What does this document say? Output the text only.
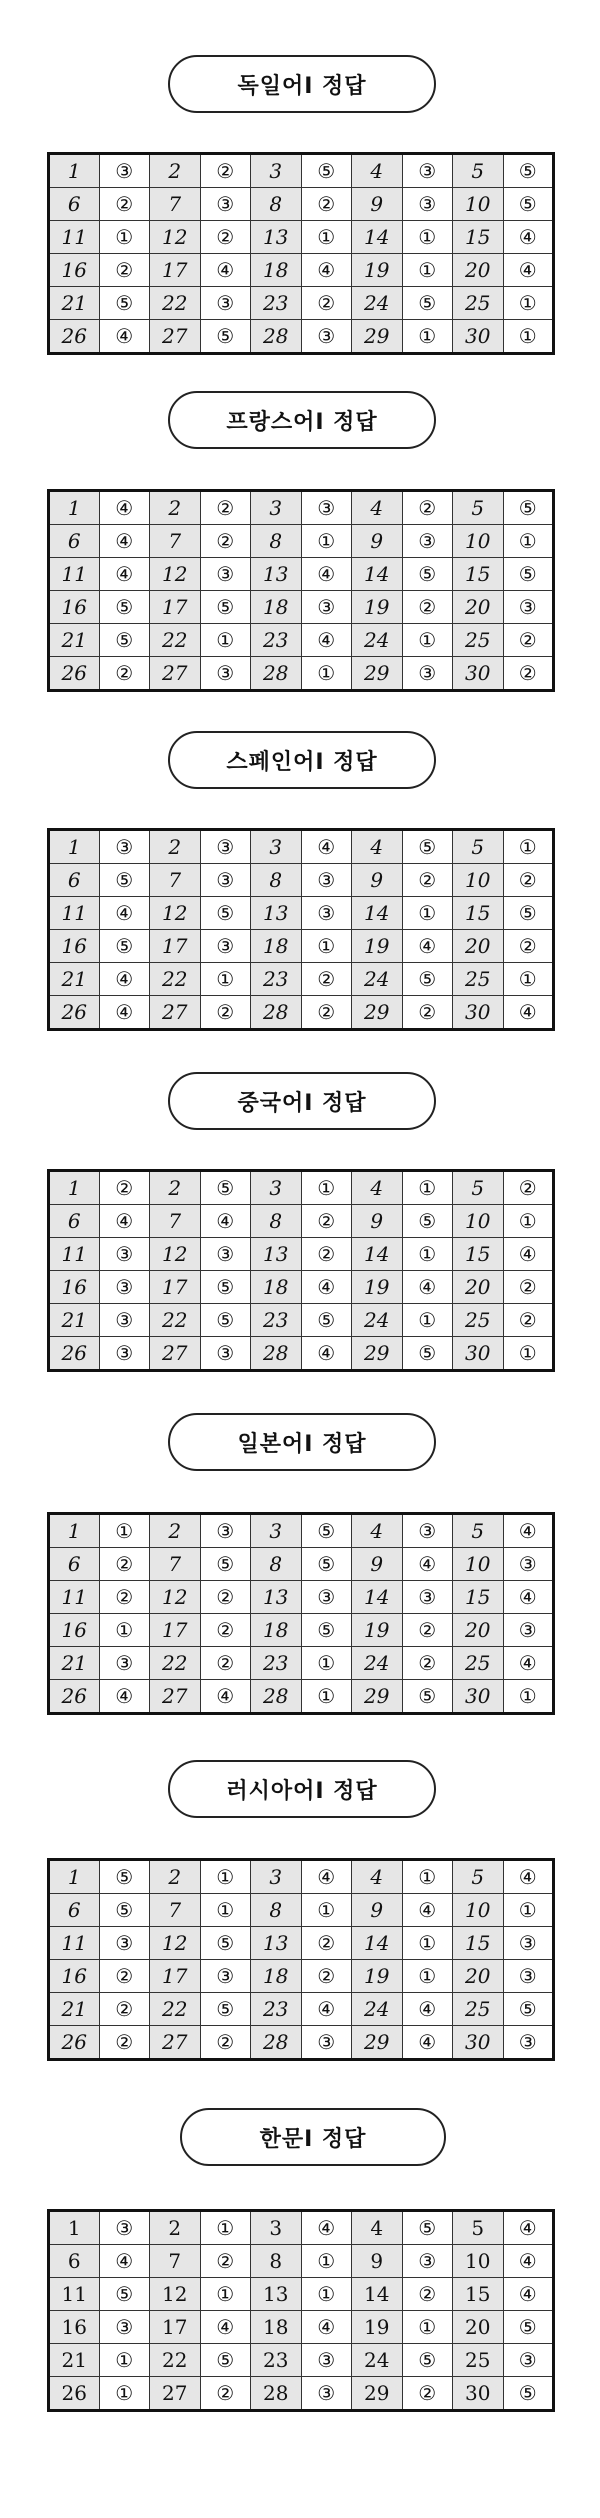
독일어Ⅰ 정답
1	③	2	②	3	⑤	4	③	5	⑤
6	②	7	③	8	②	9	③	10	⑤
11	①	12	②	13	①	14	①	15	④
16	②	17	④	18	④	19	①	20	④
21	⑤	22	③	23	②	24	⑤	25	①
26	④	27	⑤	28	③	29	①	30	①
프랑스어Ⅰ 정답
1	④	2	②	3	③	4	②	5	⑤
6	④	7	②	8	①	9	③	10	①
11	④	12	③	13	④	14	⑤	15	⑤
16	⑤	17	⑤	18	③	19	②	20	③
21	⑤	22	①	23	④	24	①	25	②
26	②	27	③	28	①	29	③	30	②
스페인어Ⅰ 정답
1	③	2	③	3	④	4	⑤	5	①
6	⑤	7	③	8	③	9	②	10	②
11	④	12	⑤	13	③	14	①	15	⑤
16	⑤	17	③	18	①	19	④	20	②
21	④	22	①	23	②	24	⑤	25	①
26	④	27	②	28	②	29	②	30	④
중국어Ⅰ 정답
1	②	2	⑤	3	①	4	①	5	②
6	④	7	④	8	②	9	⑤	10	①
11	③	12	③	13	②	14	①	15	④
16	③	17	⑤	18	④	19	④	20	②
21	③	22	⑤	23	⑤	24	①	25	②
26	③	27	③	28	④	29	⑤	30	①
일본어Ⅰ 정답
1	①	2	③	3	⑤	4	③	5	④
6	②	7	⑤	8	⑤	9	④	10	③
11	②	12	②	13	③	14	③	15	④
16	①	17	②	18	⑤	19	②	20	③
21	③	22	②	23	①	24	②	25	④
26	④	27	④	28	①	29	⑤	30	①
러시아어Ⅰ 정답
1	⑤	2	①	3	④	4	①	5	④
6	⑤	7	①	8	①	9	④	10	①
11	③	12	⑤	13	②	14	①	15	③
16	②	17	③	18	②	19	①	20	③
21	②	22	⑤	23	④	24	④	25	⑤
26	②	27	②	28	③	29	④	30	③
한문Ⅰ 정답
1	③	2	①	3	④	4	⑤	5	④
6	④	7	②	8	①	9	③	10	④
11	⑤	12	①	13	①	14	②	15	④
16	③	17	④	18	④	19	①	20	⑤
21	①	22	⑤	23	③	24	⑤	25	③
26	①	27	②	28	③	29	②	30	⑤
